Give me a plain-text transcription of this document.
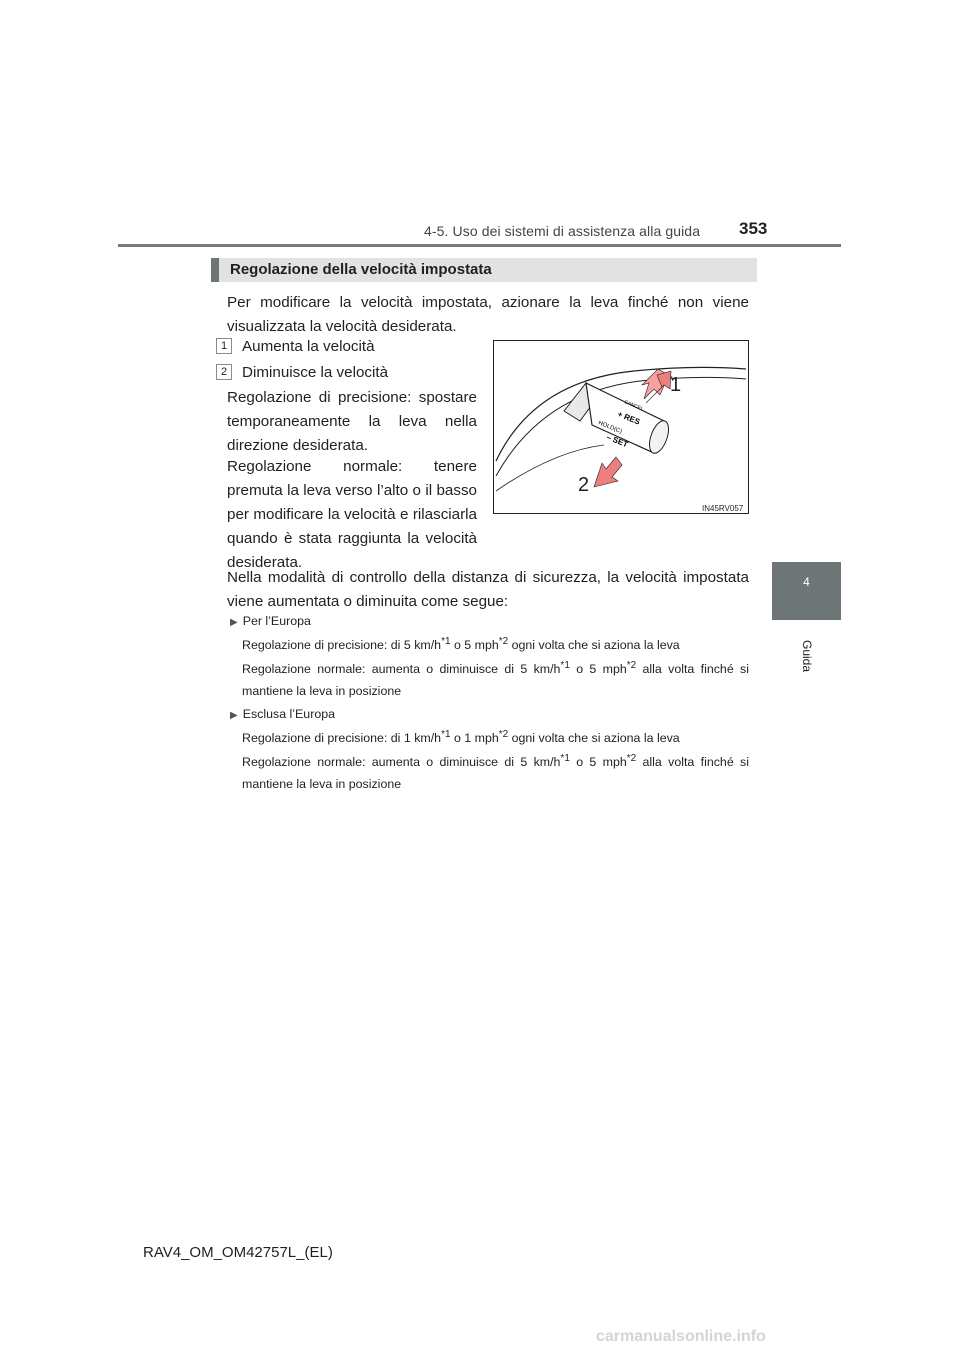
4-5. Uso dei sistemi di assistenza alla guida 353
4
Guida
Regolazione della velocità impostata
Per modificare la velocità impostata, azionare la leva finché non viene visualizzata la velocità desiderata.
1 Aumenta la velocità
2 Diminuisce la velocità
Regolazione di precisione: spostare temporaneamente la leva nella direzione desiderata.
Regolazione normale: tenere premuta la leva verso l’alto o il basso per modificare la velocità e rilasciarla quando è stata raggiunta la velocità desiderata.
+ RES
HOLD(C)
– SET
CANCEL
1
2
IN45RV057
Nella modalità di controllo della distanza di sicurezza, la velocità impostata viene aumentata o diminuita come segue:
▶ Per l’Europa
Regolazione di precisione: di 5 $km/h^{*1}$ o 5 mph$^{*2}$ ogni volta che si aziona la leva
Regolazione normale: aumenta o diminuisce di 5 $km/h^{*1}$ o 5 mph$^{*2}$ alla volta finché si mantiene la leva in posizione
▶ Esclusa l’Europa
Regolazione di precisione: di 1 $km/h^{*1}$ o 1 mph$^{*2}$ ogni volta che si aziona la leva
Regolazione normale: aumenta o diminuisce di 5 $km/h^{*1}$ o 5 mph$^{*2}$ alla volta finché si mantiene la leva in posizione
RAV4_OM_OM42757L_(EL)
carmanualsonline.info
